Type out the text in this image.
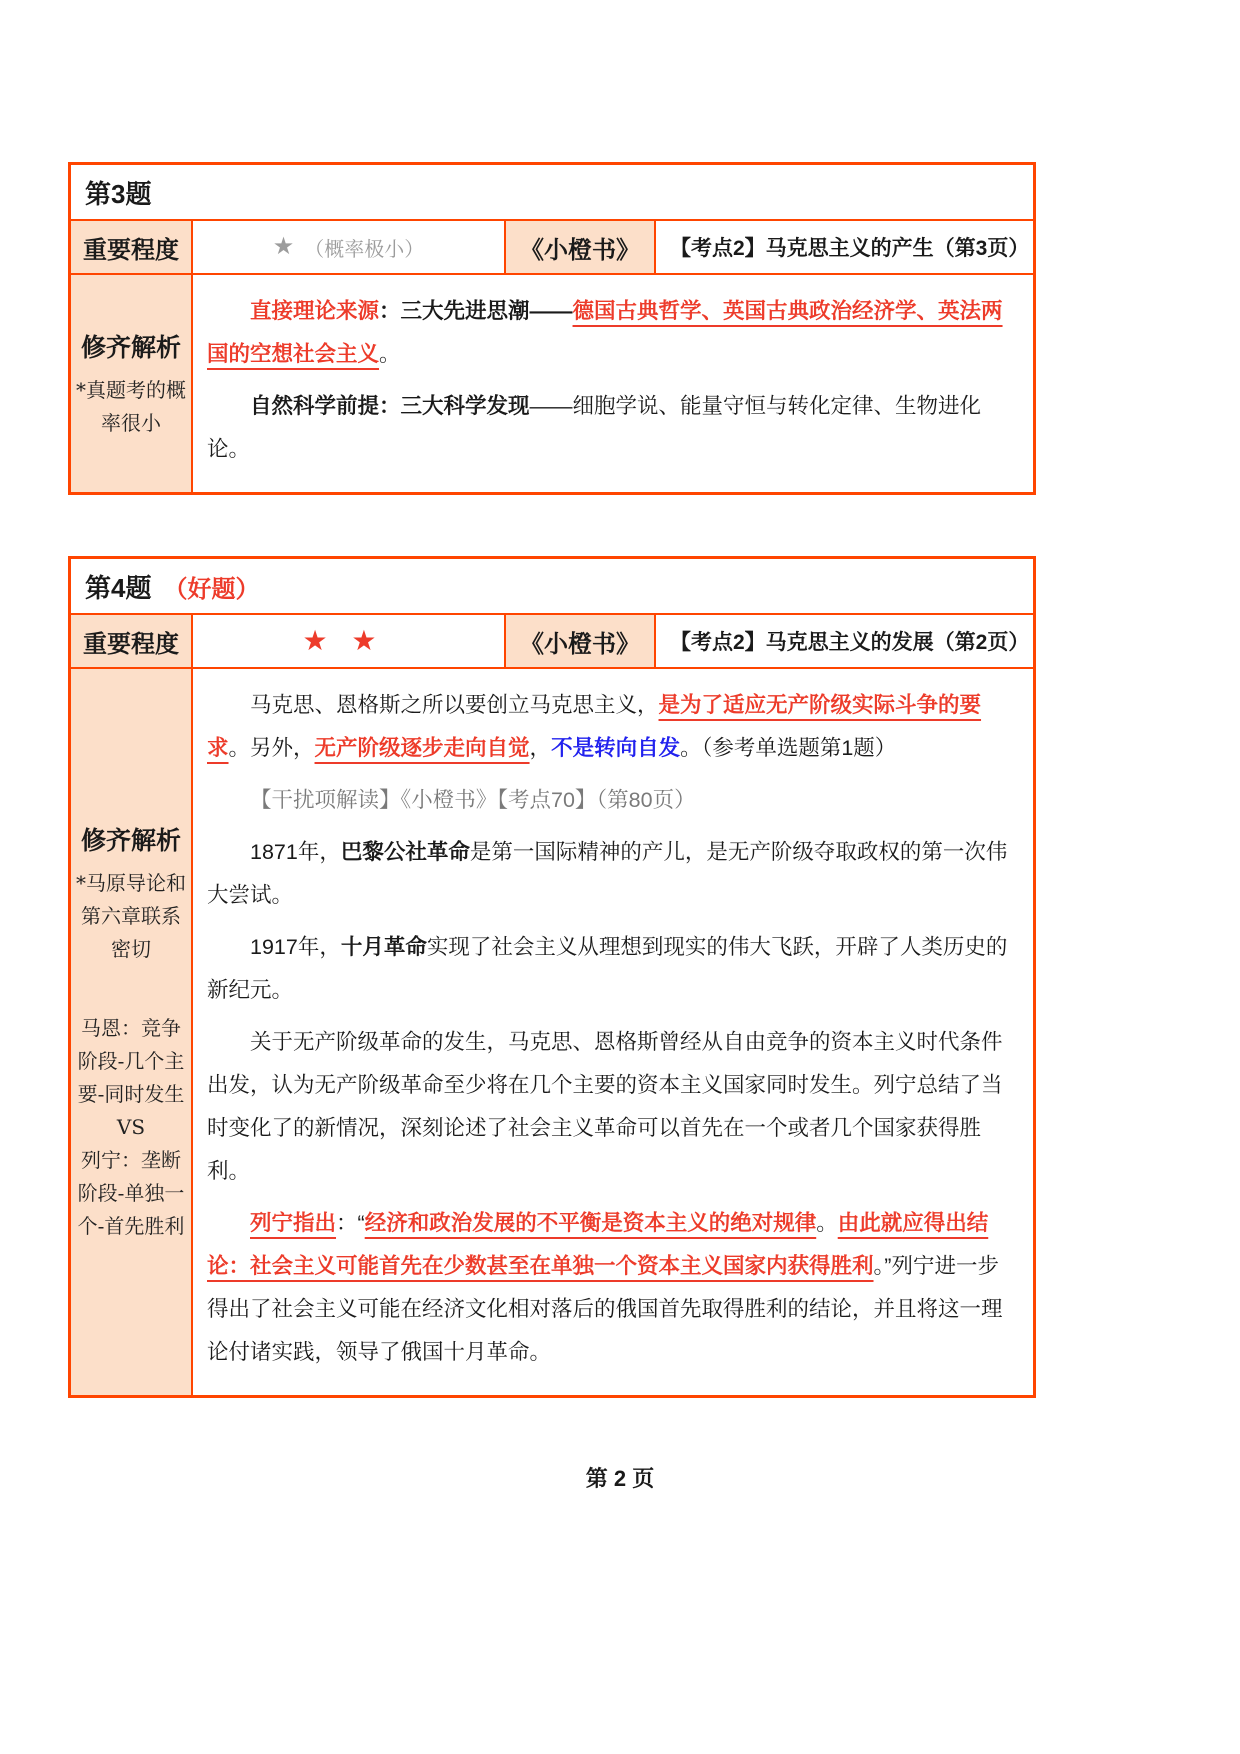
第3题
重要程度	★ （概率极小）	《小橙书》	【考点2】马克思主义的产生（第3页）
修齐解析
*真题考的概率很小

直接理论来源：三大先进思潮——德国古典哲学、英国古典政治经济学、英法两国的空想社会主义。

自然科学前提：三大科学发现——细胞学说、能量守恒与转化定律、生物进化论。

第4题 （好题）
重要程度	★ ★	《小橙书》	【考点2】马克思主义的发展（第2页）
修齐解析
*马原导论和第六章联系密切
马恩：竞争阶段-几个主要-同时发生
VS
列宁：垄断阶段-单独一个-首先胜利

马克思、恩格斯之所以要创立马克思主义，是为了适应无产阶级实际斗争的要求。另外，无产阶级逐步走向自觉，不是转向自发。（参考单选题第1题）

【干扰项解读】《小橙书》【考点70】（第80页）

1871年，巴黎公社革命是第一国际精神的产儿，是无产阶级夺取政权的第一次伟大尝试。

1917年，十月革命实现了社会主义从理想到现实的伟大飞跃，开辟了人类历史的新纪元。

关于无产阶级革命的发生，马克思、恩格斯曾经从自由竞争的资本主义时代条件出发，认为无产阶级革命至少将在几个主要的资本主义国家同时发生。列宁总结了当时变化了的新情况，深刻论述了社会主义革命可以首先在一个或者几个国家获得胜利。

列宁指出：“经济和政治发展的不平衡是资本主义的绝对规律。由此就应得出结论：社会主义可能首先在少数甚至在单独一个资本主义国家内获得胜利。”列宁进一步得出了社会主义可能在经济文化相对落后的俄国首先取得胜利的结论，并且将这一理论付诸实践，领导了俄国十月革命。

第 2 页
